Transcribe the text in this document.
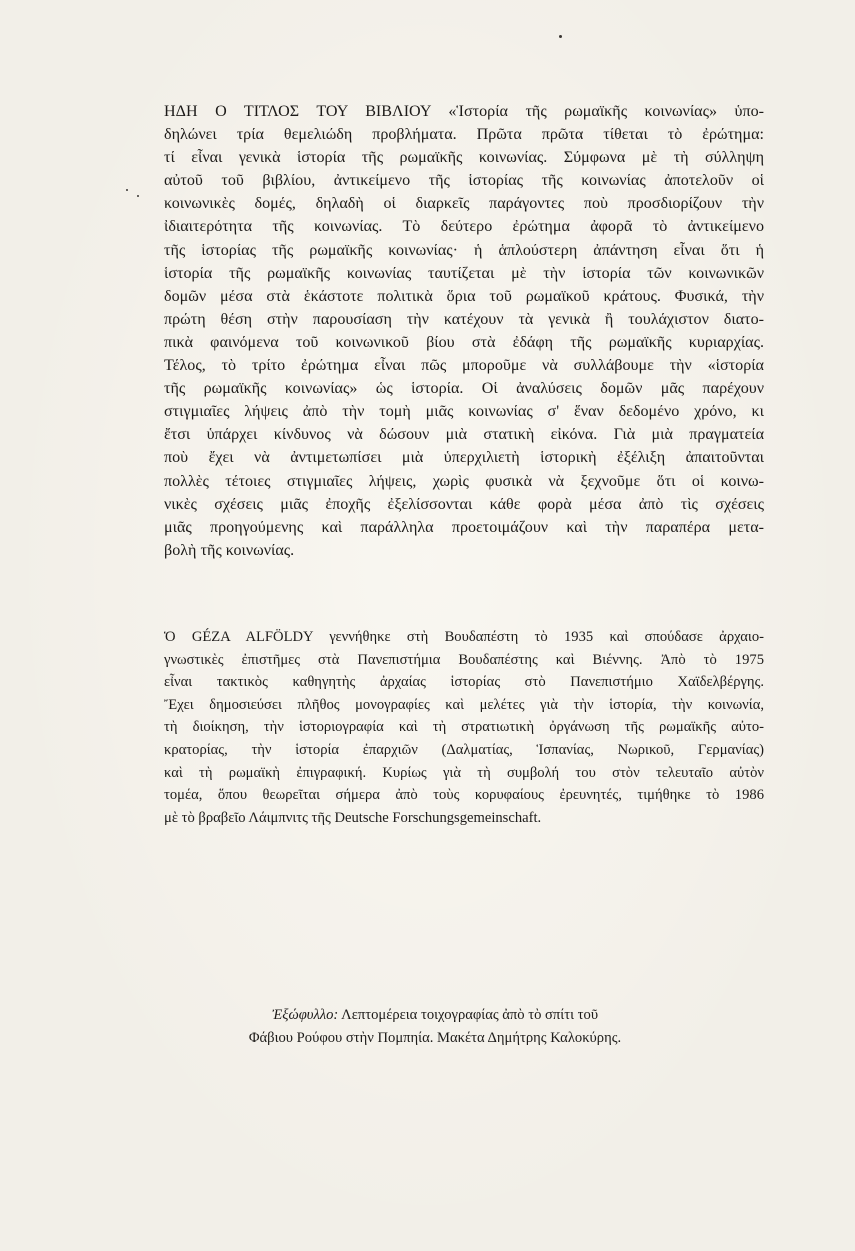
ΗΔΗ Ο ΤΙΤΛΟΣ ΤΟΥ ΒΙΒΛΙΟΥ «Ἱστορία τῆς ρωμαϊκῆς κοινωνίας» ὑπο-
δηλώνει τρία θεμελιώδη προβλήματα. Πρῶτα πρῶτα τίθεται τὸ ἐρώτημα:
τί εἶναι γενικὰ ἱστορία τῆς ρωμαϊκῆς κοινωνίας. Σύμφωνα μὲ τὴ σύλληψη
αὐτοῦ τοῦ βιβλίου, ἀντικείμενο τῆς ἱστορίας τῆς κοινωνίας ἀποτελοῦν οἱ
κοινωνικὲς δομές, δηλαδὴ οἱ διαρκεῖς παράγοντες ποὺ προσδιορίζουν τὴν
ἰδιαιτερότητα τῆς κοινωνίας. Τὸ δεύτερο ἐρώτημα ἀφορᾶ τὸ ἀντικείμενο
τῆς ἱστορίας τῆς ρωμαϊκῆς κοινωνίας· ἡ ἁπλούστερη ἀπάντηση εἶναι ὅτι ἡ
ἱστορία τῆς ρωμαϊκῆς κοινωνίας ταυτίζεται μὲ τὴν ἱστορία τῶν κοινωνικῶν
δομῶν μέσα στὰ ἑκάστοτε πολιτικὰ ὅρια τοῦ ρωμαϊκοῦ κράτους. Φυσικά, τὴν
πρώτη θέση στὴν παρουσίαση τὴν κατέχουν τὰ γενικὰ ἢ τουλάχιστον διατο-
πικὰ φαινόμενα τοῦ κοινωνικοῦ βίου στὰ ἐδάφη τῆς ρωμαϊκῆς κυριαρχίας.
Τέλος, τὸ τρίτο ἐρώτημα εἶναι πῶς μποροῦμε νὰ συλλάβουμε τὴν «ἱστορία
τῆς ρωμαϊκῆς κοινωνίας» ὡς ἱστορία. Οἱ ἀναλύσεις δομῶν μᾶς παρέχουν
στιγμιαῖες λήψεις ἀπὸ τὴν τομὴ μιᾶς κοινωνίας σ' ἕναν δεδομένο χρόνο, κι
ἔτσι ὑπάρχει κίνδυνος νὰ δώσουν μιὰ στατικὴ εἰκόνα. Γιὰ μιὰ πραγματεία
ποὺ ἔχει νὰ ἀντιμετωπίσει μιὰ ὑπερχιλιετὴ ἱστορικὴ ἐξέλιξη ἀπαιτοῦνται
πολλὲς τέτοιες στιγμιαῖες λήψεις, χωρὶς φυσικὰ νὰ ξεχνοῦμε ὅτι οἱ κοινω-
νικὲς σχέσεις μιᾶς ἐποχῆς ἐξελίσσονται κάθε φορὰ μέσα ἀπὸ τὶς σχέσεις
μιᾶς προηγούμενης καὶ παράλληλα προετοιμάζουν καὶ τὴν παραπέρα μετα-
βολὴ τῆς κοινωνίας.
Ὁ GÉZA ALFÖLDY γεννήθηκε στὴ Βουδαπέστη τὸ 1935 καὶ σπούδασε ἀρχαιο-
γνωστικὲς ἐπιστῆμες στὰ Πανεπιστήμια Βουδαπέστης καὶ Βιέννης. Ἀπὸ τὸ 1975
εἶναι τακτικὸς καθηγητὴς ἀρχαίας ἱστορίας στὸ Πανεπιστήμιο Χαϊδελβέργης.
Ἔχει δημοσιεύσει πλῆθος μονογραφίες καὶ μελέτες γιὰ τὴν ἱστορία, τὴν κοινωνία,
τὴ διοίκηση, τὴν ἱστοριογραφία καὶ τὴ στρατιωτικὴ ὀργάνωση τῆς ρωμαϊκῆς αὐτο-
κρατορίας, τὴν ἱστορία ἐπαρχιῶν (Δαλματίας, Ἱσπανίας, Νωρικοῦ, Γερμανίας)
καὶ τὴ ρωμαϊκὴ ἐπιγραφική. Κυρίως γιὰ τὴ συμβολή του στὸν τελευταῖο αὐτὸν
τομέα, ὅπου θεωρεῖται σήμερα ἀπὸ τοὺς κορυφαίους ἐρευνητές, τιμήθηκε τὸ 1986
μὲ τὸ βραβεῖο Λάιμπνιτς τῆς Deutsche Forschungsgemeinschaft.
Ἐξώφυλλο: Λεπτομέρεια τοιχογραφίας ἀπὸ τὸ σπίτι τοῦ
Φάβιου Ρούφου στὴν Πομπηία. Μακέτα Δημήτρης Καλοκύρης.
